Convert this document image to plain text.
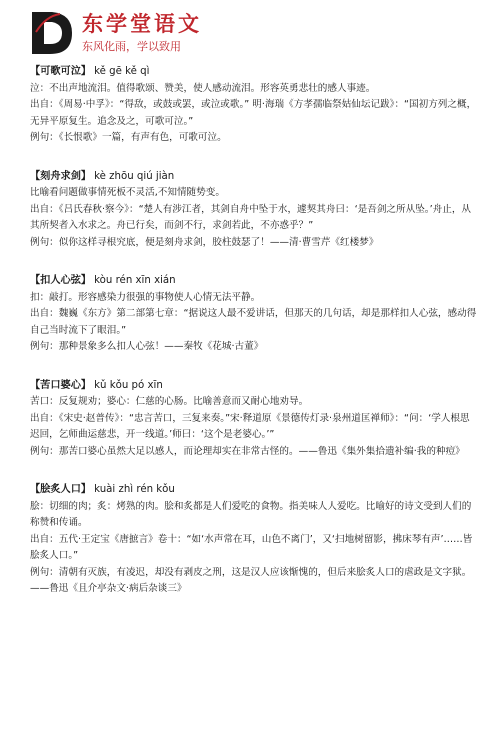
东学堂语文
东风化雨，学以致用

【可歌可泣】 kě gē kě qì

泣：不出声地流泪。值得歌颂、赞美，使人感动流泪。形容英勇悲壮的感人事迹。

出自：《周易·中孚》：“得敌，或鼓或罢，或泣或歌。” 明·海瑞《方孝孺临祭姑仙坛记跋》：“国初方列之概，无异平原复生。追念及之，可歌可泣。”

例句：《长恨歌》一篇，有声有色，可歌可泣。

【刻舟求剑】 kè zhōu qiú jiàn

比喻看问题做事情死板不灵活,不知情随势变。

出自：《吕氏春秋·察今》：“楚人有涉江者，其剑自舟中坠于水，遽契其舟曰：‘是吾剑之所从坠。’舟止，从其所契者入水求之。舟已行矣，而剑不行，求剑若此，不亦惑乎？”

例句：似你这样寻根究底，便是刻舟求剑，胶柱鼓瑟了！——清·曹雪芹《红楼梦》

【扣人心弦】 kòu rén xīn xián

扣：敲打。形容感染力很强的事物使人心情无法平静。

出自：魏巍《东方》第二部第七章：“据说这人最不爱讲话，但那天的几句话，却是那样扣人心弦，感动得自己当时流下了眼泪。”

例句：那种景象多么扣人心弦！——秦牧《花城·古董》

【苦口婆心】 kǔ kǒu pó xīn

苦口：反复规劝；婆心：仁慈的心肠。比喻善意而又耐心地劝导。

出自：《宋史·赵普传》：“忠言苦口，三复来奏。”宋·释道原《景德传灯录·泉州道匡禅师》：“问：‘学人根思迟回，乞师曲运慈悲，开一线道。’师曰：‘这个是老婆心。’”

例句：那苦口婆心虽然大足以感人，而论理却实在非常古怪的。——鲁迅《集外集拾遗补编·我的种痘》

【脍炙人口】 kuài zhì rén kǒu

脍：切细的肉；炙：烤熟的肉。脍和炙都是人们爱吃的食物。指美味人人爱吃。比喻好的诗文受到人们的称赞和传诵。

出自：五代·王定宝《唐摭言》卷十：“如‘水声常在耳，山色不离门’，又‘扫地树留影，拂床琴有声’……皆脍炙人口。”

例句：清朝有灭族，有凌迟，却没有剥皮之刑，这是汉人应该惭愧的，但后来脍炙人口的虐政是文字狱。——鲁迅《且介亭杂文·病后杂谈三》
